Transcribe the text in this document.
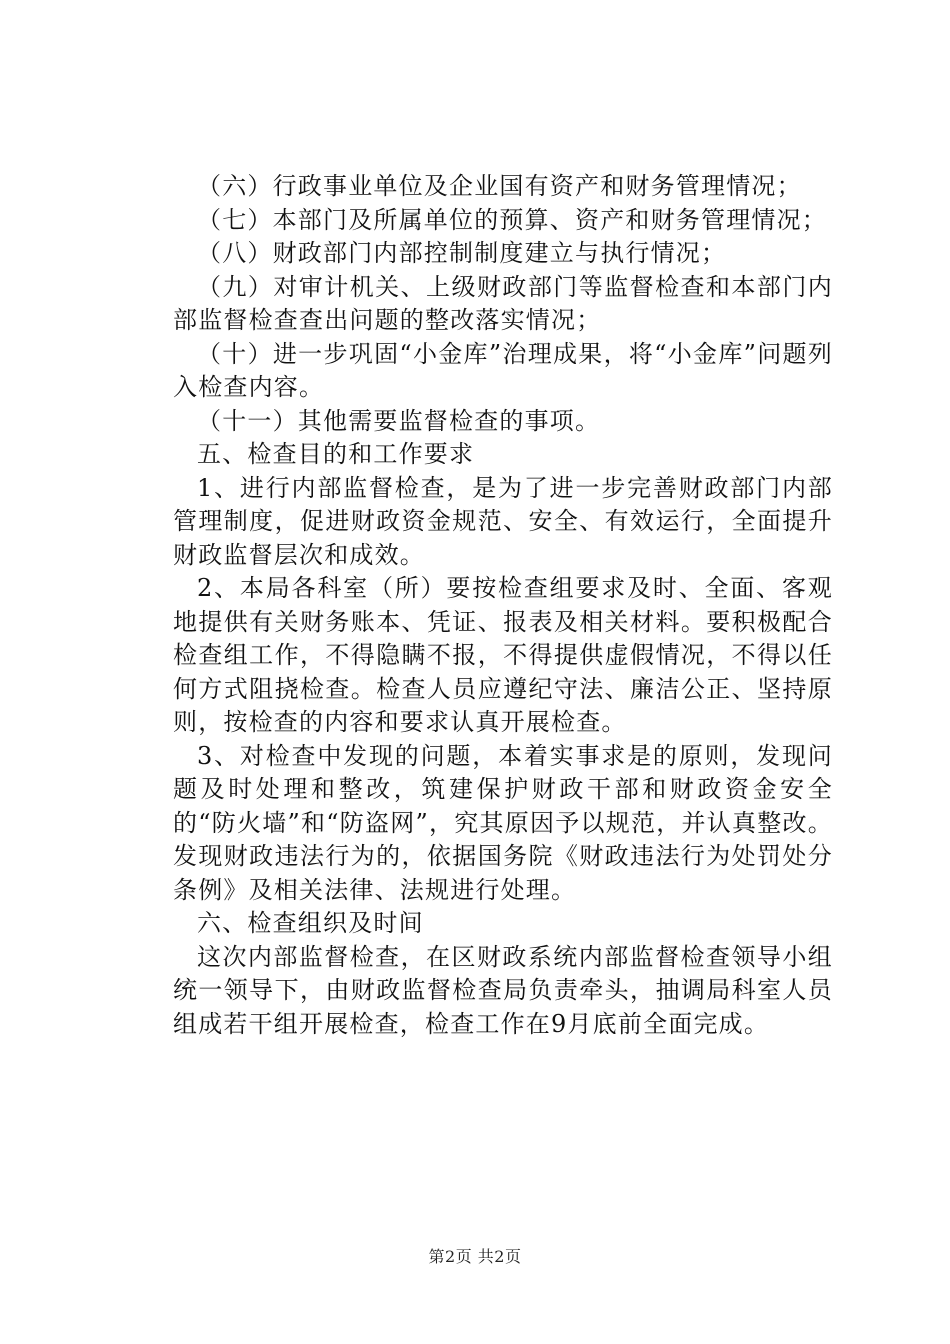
（六）行政事业单位及企业国有资产和财务管理情况；

（七）本部门及所属单位的预算、资产和财务管理情况；

（八）财政部门内部控制制度建立与执行情况；

（九）对审计机关、上级财政部门等监督检查和本部门内部监督检查查出问题的整改落实情况；

（十）进一步巩固“小金库”治理成果，将“小金库”问题列入检查内容。

（十一）其他需要监督检查的事项。

五、检查目的和工作要求

1、进行内部监督检查，是为了进一步完善财政部门内部管理制度，促进财政资金规范、安全、有效运行，全面提升财政监督层次和成效。

2、本局各科室（所）要按检查组要求及时、全面、客观地提供有关财务账本、凭证、报表及相关材料。要积极配合检查组工作，不得隐瞒不报，不得提供虚假情况，不得以任何方式阻挠检查。检查人员应遵纪守法、廉洁公正、坚持原则，按检查的内容和要求认真开展检查。

3、对检查中发现的问题，本着实事求是的原则，发现问题及时处理和整改，筑建保护财政干部和财政资金安全的“防火墙”和“防盗网”，究其原因予以规范，并认真整改。发现财政违法行为的，依据国务院《财政违法行为处罚处分条例》及相关法律、法规进行处理。

六、检查组织及时间

这次内部监督检查，在区财政系统内部监督检查领导小组统一领导下，由财政监督检查局负责牵头，抽调局科室人员组成若干组开展检查，检查工作在9月底前全面完成。

第2页 共2页
